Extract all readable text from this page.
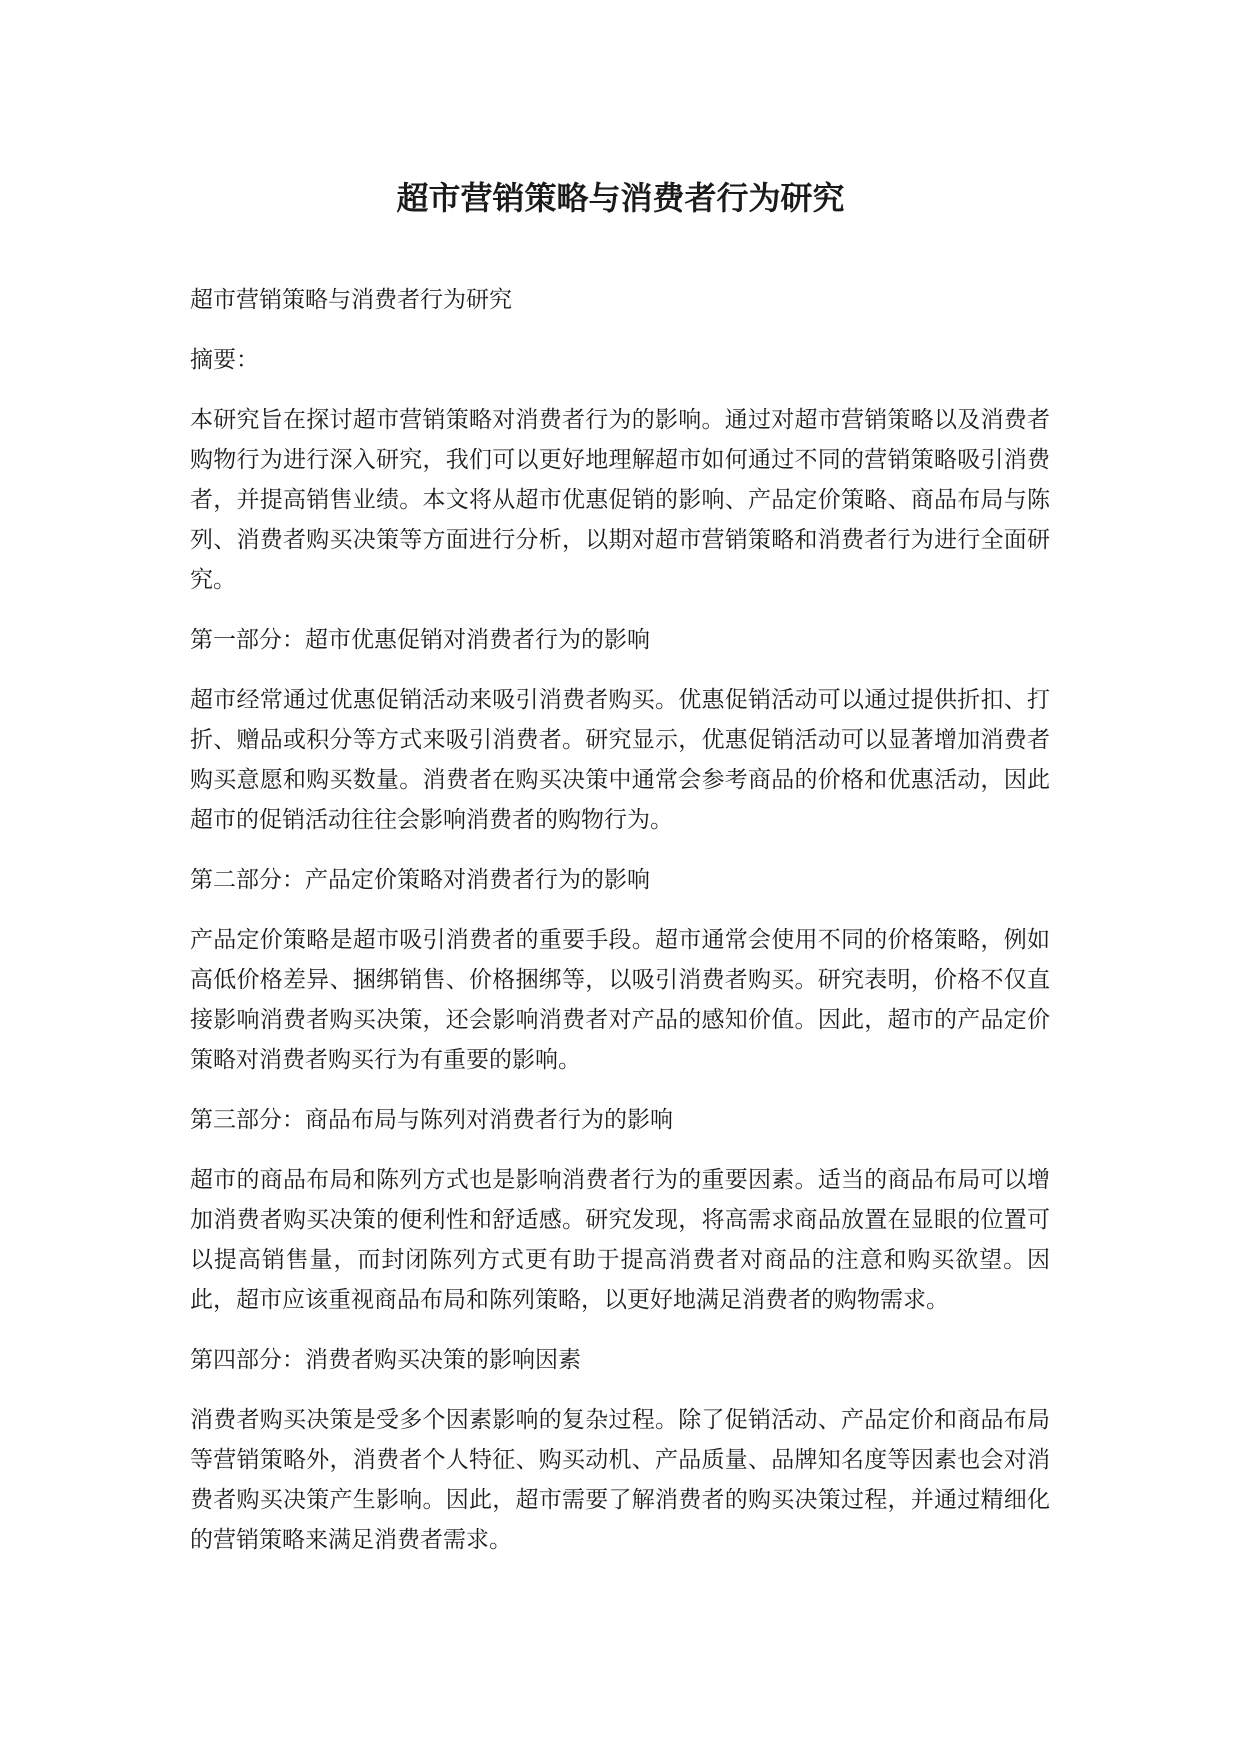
超市营销策略与消费者行为研究

超市营销策略与消费者行为研究

摘要：

本研究旨在探讨超市营销策略对消费者行为的影响。通过对超市营销策略以及消费者购物行为进行深入研究，我们可以更好地理解超市如何通过不同的营销策略吸引消费者，并提高销售业绩。本文将从超市优惠促销的影响、产品定价策略、商品布局与陈列、消费者购买决策等方面进行分析，以期对超市营销策略和消费者行为进行全面研究。

第一部分：超市优惠促销对消费者行为的影响

超市经常通过优惠促销活动来吸引消费者购买。优惠促销活动可以通过提供折扣、打折、赠品或积分等方式来吸引消费者。研究显示，优惠促销活动可以显著增加消费者购买意愿和购买数量。消费者在购买决策中通常会参考商品的价格和优惠活动，因此超市的促销活动往往会影响消费者的购物行为。

第二部分：产品定价策略对消费者行为的影响

产品定价策略是超市吸引消费者的重要手段。超市通常会使用不同的价格策略，例如高低价格差异、捆绑销售、价格捆绑等，以吸引消费者购买。研究表明，价格不仅直接影响消费者购买决策，还会影响消费者对产品的感知价值。因此，超市的产品定价策略对消费者购买行为有重要的影响。

第三部分：商品布局与陈列对消费者行为的影响

超市的商品布局和陈列方式也是影响消费者行为的重要因素。适当的商品布局可以增加消费者购买决策的便利性和舒适感。研究发现，将高需求商品放置在显眼的位置可以提高销售量，而封闭陈列方式更有助于提高消费者对商品的注意和购买欲望。因此，超市应该重视商品布局和陈列策略，以更好地满足消费者的购物需求。

第四部分：消费者购买决策的影响因素

消费者购买决策是受多个因素影响的复杂过程。除了促销活动、产品定价和商品布局等营销策略外，消费者个人特征、购买动机、产品质量、品牌知名度等因素也会对消费者购买决策产生影响。因此，超市需要了解消费者的购买决策过程，并通过精细化的营销策略来满足消费者需求。
